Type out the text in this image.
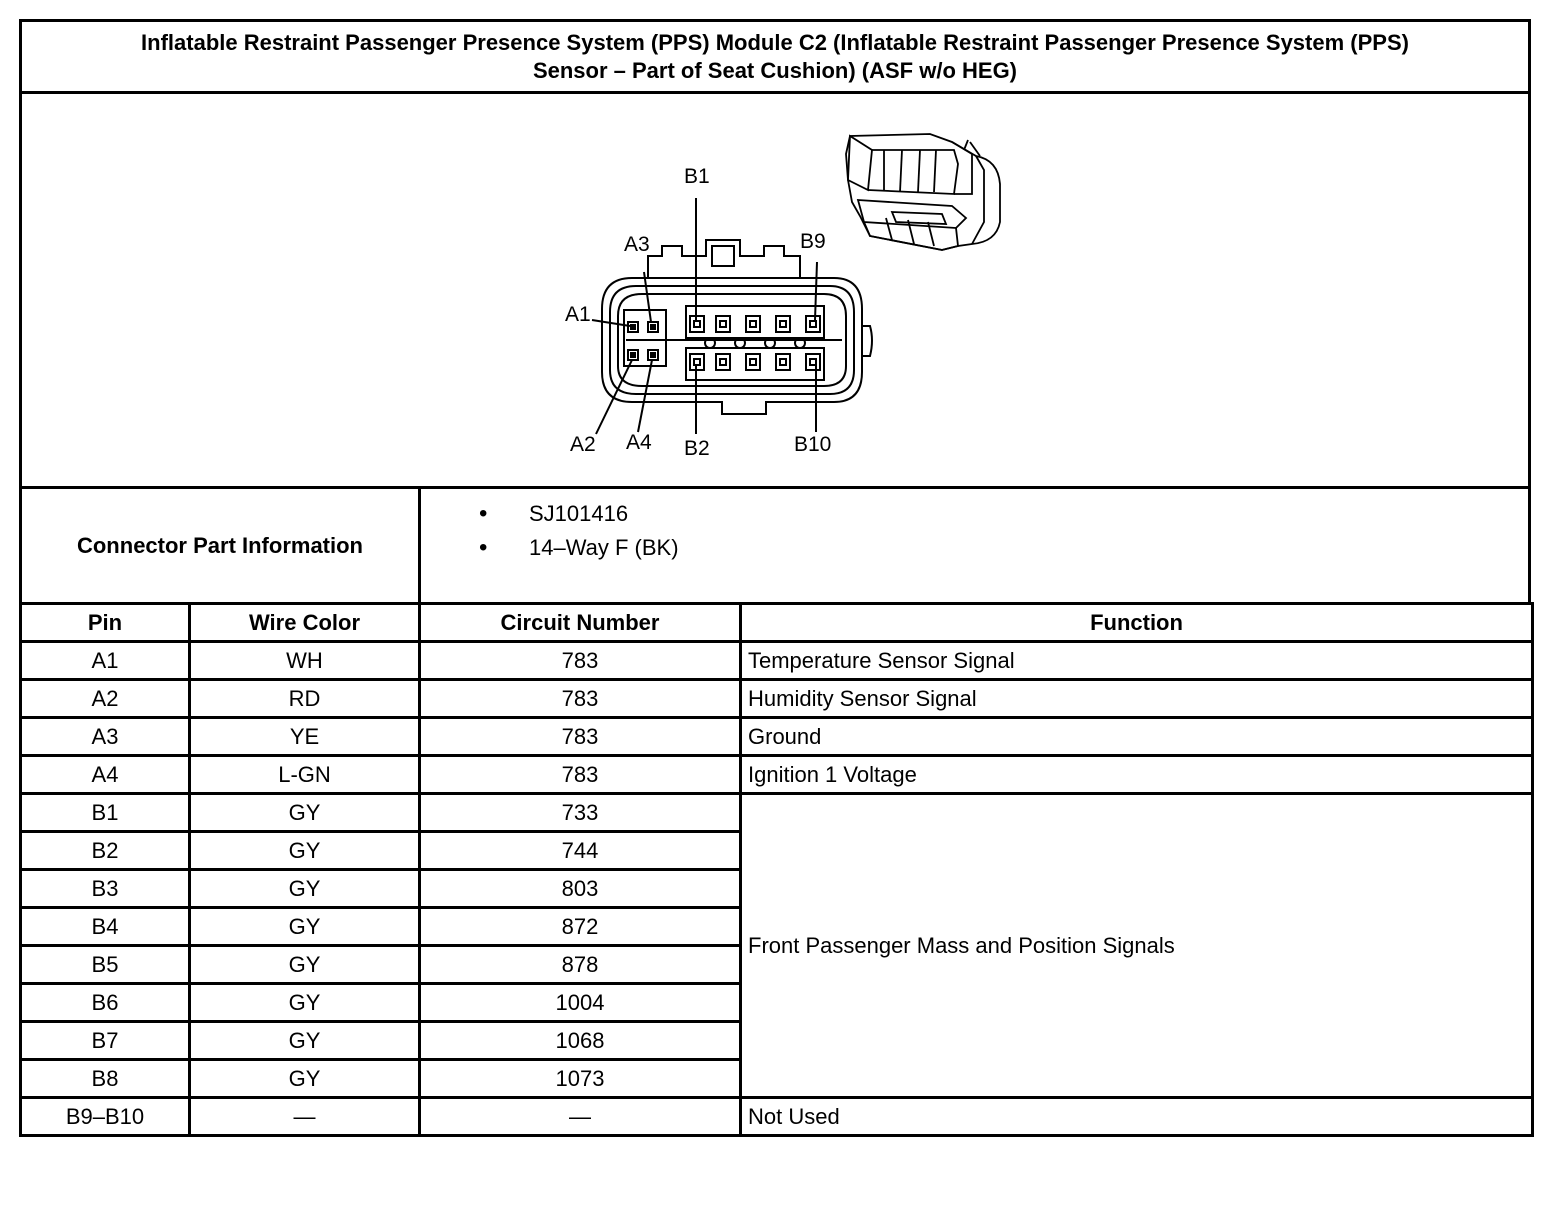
Inflatable Restraint Passenger Presence System (PPS) Module C2 (Inflatable Restraint Passenger Presence System (PPS)
Sensor – Part of Seat Cushion) (ASF w/o HEG)
B1
A3	B9
A1
A2 A4 B2	B10
Connector Part Information
• SJ101416
• 14–Way F (BK)
Pin	Wire Color	Circuit Number	Function
A1	WH	783	Temperature Sensor Signal
A2	RD	783	Humidity Sensor Signal
A3	YE	783	Ground
A4	L-GN	783	Ignition 1 Voltage
B1	GY	733	Front Passenger Mass and Position Signals
B2	GY	744	
B3	GY	803	
B4	GY	872	
B5	GY	878	
B6	GY	1004	
B7	GY	1068	
B8	GY	1073	
B9–B10	—	—	Not Used
